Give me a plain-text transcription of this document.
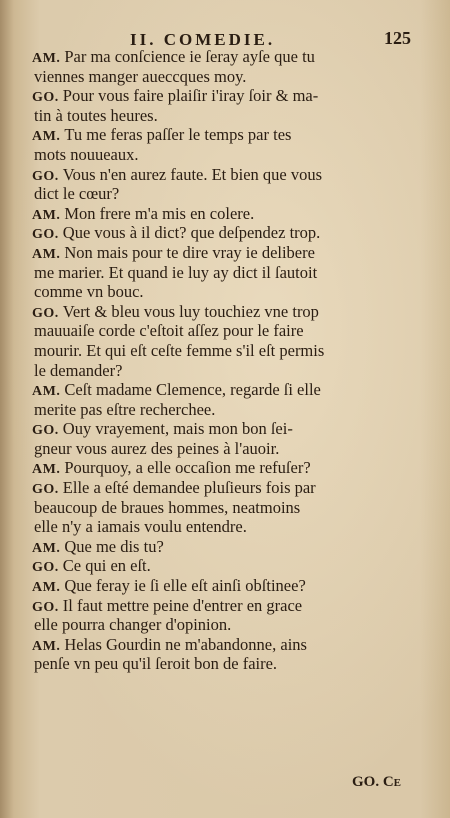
II. COMEDIE.	125
AM. Par ma conſcience ie ſeray ayſe que tu
viennes manger aueccques moy.
GO. Pour vous faire plaiſir i'iray ſoir & ma-
tin à toutes heures.
AM. Tu me feras paſſer le temps par tes
mots nouueaux.
GO. Vous n'en aurez faute. Et bien que vous
dict le cœur?
AM. Mon frere m'a mis en colere.
GO. Que vous à il dict? que deſpendez trop.
AM. Non mais pour te dire vray ie delibere
me marier. Et quand ie luy ay dict il ſautoit
comme vn bouc.
GO. Vert & bleu vous luy touchiez vne trop
mauuaiſe corde c'eſtoit aſſez pour le faire
mourir. Et qui eſt ceſte femme s'il eſt permis
le demander?
AM. Ceſt madame Clemence, regarde ſi elle
merite pas eſtre recherchee.
GO. Ouy vrayement, mais mon bon ſei-
gneur vous aurez des peines à l'auoir.
AM. Pourquoy, a elle occaſion me refuſer?
GO. Elle a eſté demandee pluſieurs fois par
beaucoup de braues hommes, neatmoins
elle n'y a iamais voulu entendre.
AM. Que me dis tu?
GO. Ce qui en eſt.
AM. Que feray ie ſi elle eſt ainſi obſtinee?
GO. Il faut mettre peine d'entrer en grace
elle pourra changer d'opinion.
AM. Helas Gourdin ne m'abandonne, ains
penſe vn peu qu'il ſeroit bon de faire.
GO. Ce
